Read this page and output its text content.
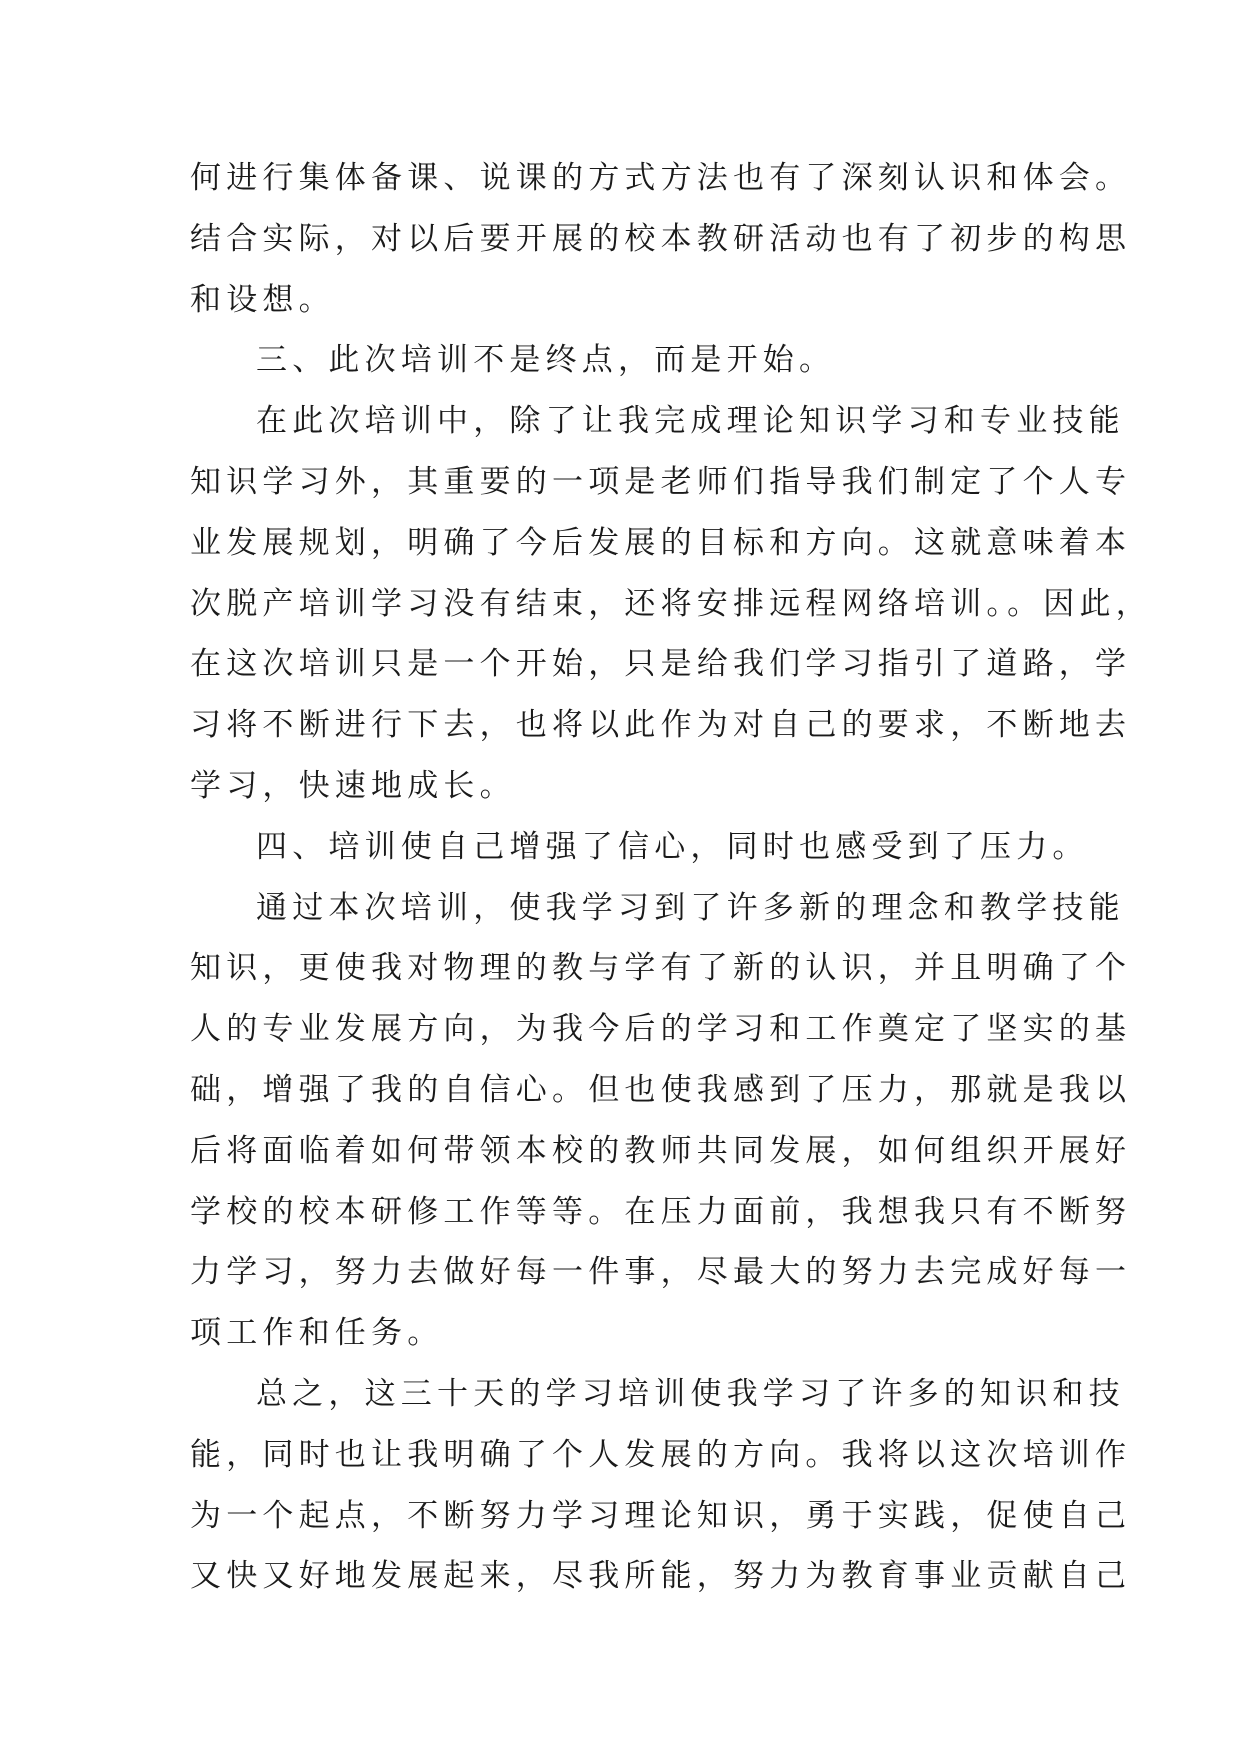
何进行集体备课、说课的方式方法也有了深刻认识和体会。
结合实际，对以后要开展的校本教研活动也有了初步的构思
和设想。
三、此次培训不是终点，而是开始。
在此次培训中，除了让我完成理论知识学习和专业技能
知识学习外，其重要的一项是老师们指导我们制定了个人专
业发展规划，明确了今后发展的目标和方向。这就意味着本
次脱产培训学习没有结束，还将安排远程网络培训。。因此，
在这次培训只是一个开始，只是给我们学习指引了道路，学
习将不断进行下去，也将以此作为对自己的要求，不断地去
学习，快速地成长。
四、培训使自己增强了信心，同时也感受到了压力。
通过本次培训，使我学习到了许多新的理念和教学技能
知识，更使我对物理的教与学有了新的认识，并且明确了个
人的专业发展方向，为我今后的学习和工作奠定了坚实的基
础，增强了我的自信心。但也使我感到了压力，那就是我以
后将面临着如何带领本校的教师共同发展，如何组织开展好
学校的校本研修工作等等。在压力面前，我想我只有不断努
力学习，努力去做好每一件事，尽最大的努力去完成好每一
项工作和任务。
总之，这三十天的学习培训使我学习了许多的知识和技
能，同时也让我明确了个人发展的方向。我将以这次培训作
为一个起点，不断努力学习理论知识，勇于实践，促使自己
又快又好地发展起来，尽我所能，努力为教育事业贡献自己
